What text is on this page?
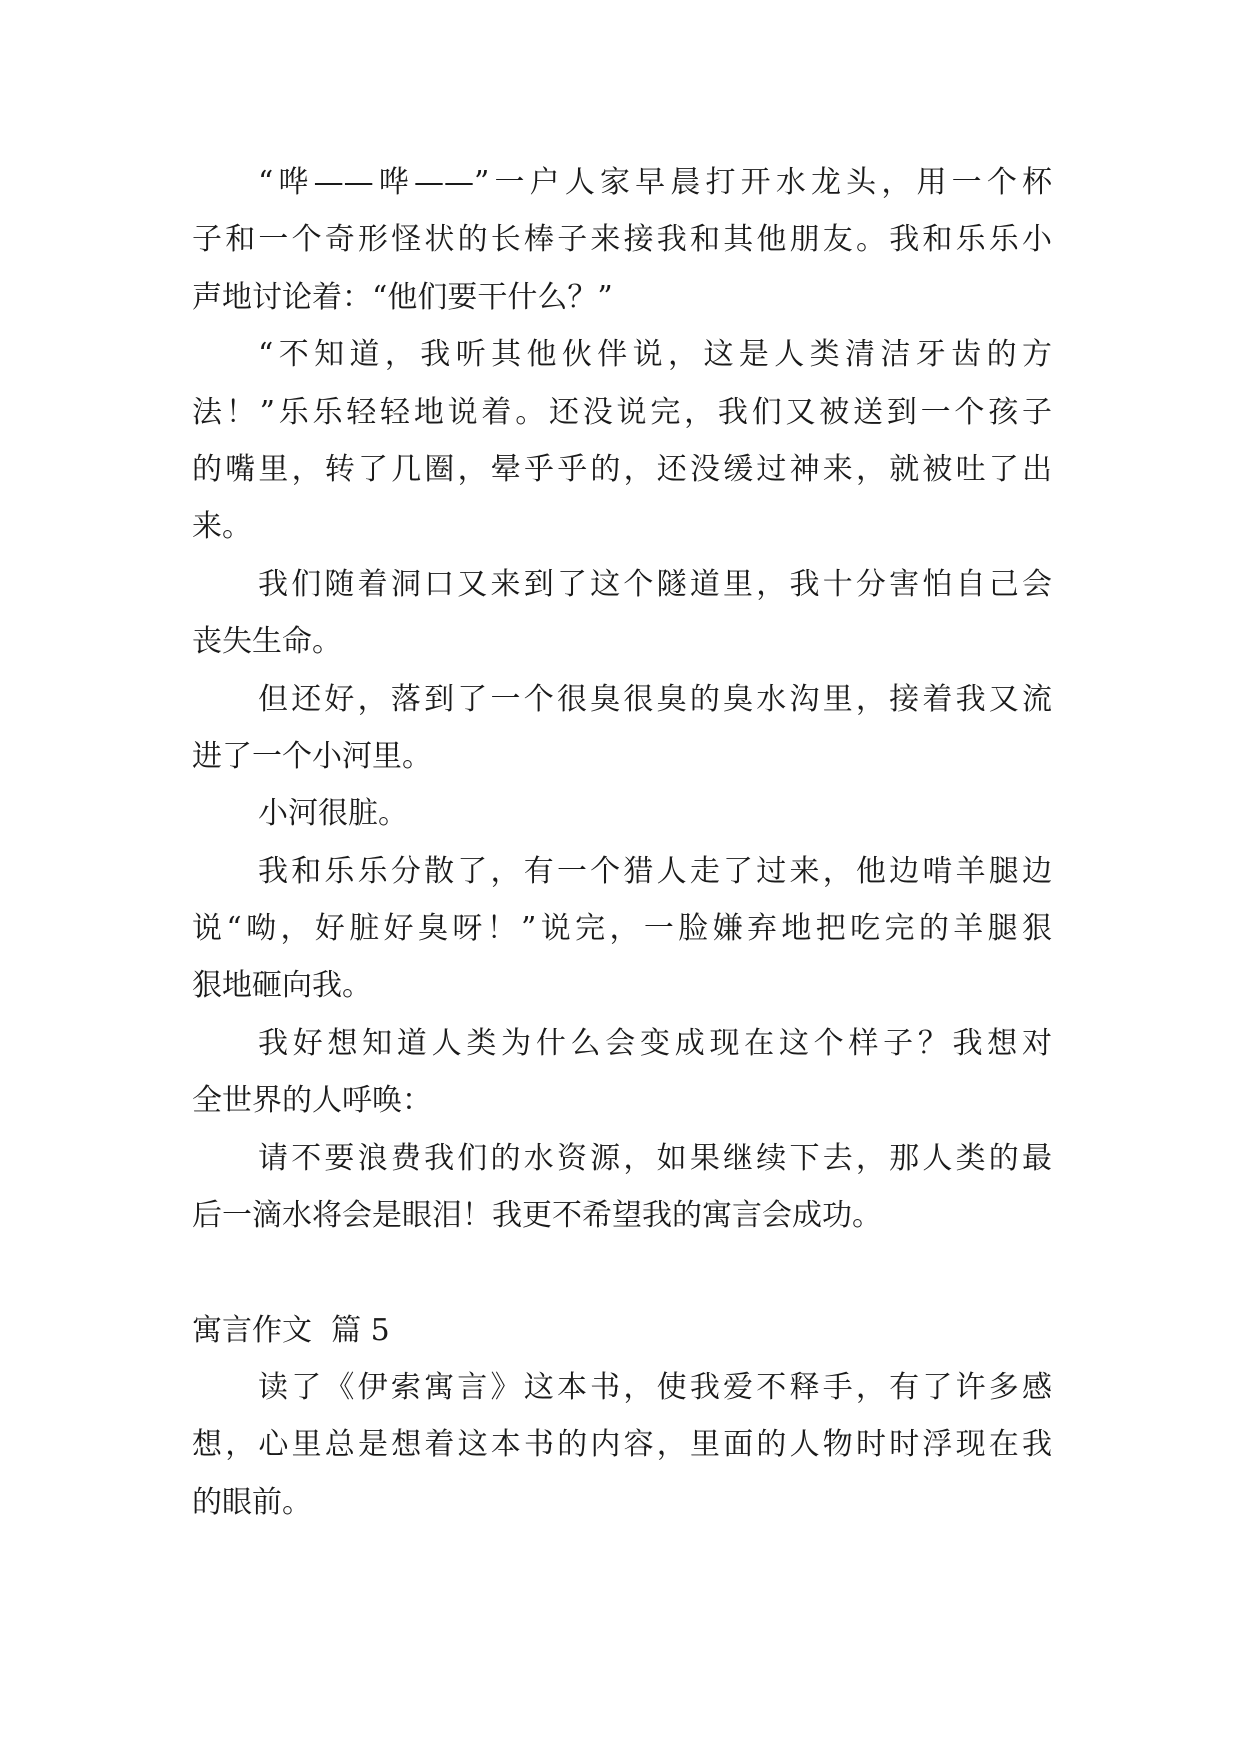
“哗——哗——”一户人家早晨打开水龙头，用一个杯
子和一个奇形怪状的长棒子来接我和其他朋友。我和乐乐小
声地讨论着：“他们要干什么？”
“不知道，我听其他伙伴说，这是人类清洁牙齿的方
法！”乐乐轻轻地说着。还没说完，我们又被送到一个孩子
的嘴里，转了几圈，晕乎乎的，还没缓过神来，就被吐了出
来。
我们随着洞口又来到了这个隧道里，我十分害怕自己会
丧失生命。
但还好，落到了一个很臭很臭的臭水沟里，接着我又流
进了一个小河里。
小河很脏。
我和乐乐分散了，有一个猎人走了过来，他边啃羊腿边
说“呦，好脏好臭呀！”说完，一脸嫌弃地把吃完的羊腿狠
狠地砸向我。
我好想知道人类为什么会变成现在这个样子？我想对
全世界的人呼唤：
请不要浪费我们的水资源，如果继续下去，那人类的最
后一滴水将会是眼泪！我更不希望我的寓言会成功。
寓言作文  篇 5
读了《伊索寓言》这本书，使我爱不释手，有了许多感
想，心里总是想着这本书的内容，里面的人物时时浮现在我
的眼前。
